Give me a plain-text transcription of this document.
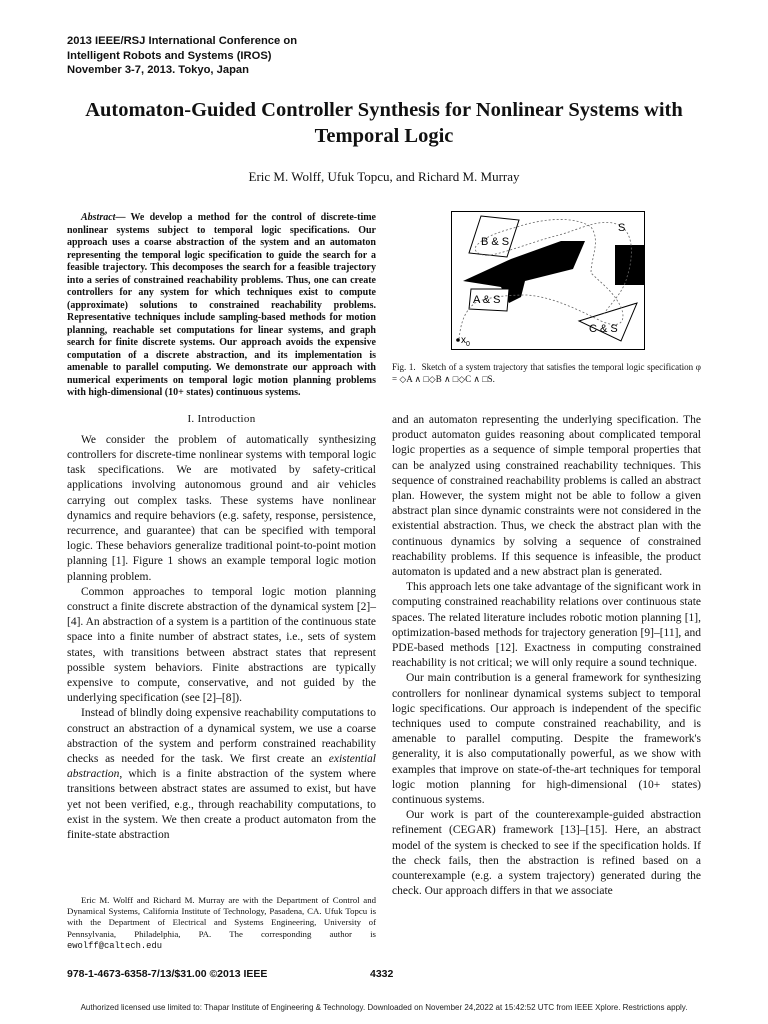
2013 IEEE/RSJ International Conference on
Intelligent Robots and Systems (IROS)
November 3-7, 2013. Tokyo, Japan
Automaton-Guided Controller Synthesis for Nonlinear Systems with Temporal Logic
Eric M. Wolff, Ufuk Topcu, and Richard M. Murray

Abstract— We develop a method for the control of discrete-time nonlinear systems subject to temporal logic specifications. Our approach uses a coarse abstraction of the system and an automaton representing the temporal logic specification to guide the search for a feasible trajectory. This decomposes the search for a feasible trajectory into a series of constrained reachability problems. Thus, one can create controllers for any system for which techniques exist to compute (approximate) solutions to constrained reachability problems. Representative techniques include sampling-based methods for motion planning, reachable set computations for linear systems, and graph search for finite discrete systems. Our approach avoids the expensive computation of a discrete abstraction, and its implementation is amenable to parallel computing. We demonstrate our approach with numerical experiments on temporal logic motion planning problems with high-dimensional (10+ states) continuous systems.

I. Introduction

We consider the problem of automatically synthesizing controllers for discrete-time nonlinear systems with temporal logic task specifications. We are motivated by safety-critical applications involving autonomous ground and air vehicles carrying out complex tasks. These systems have nonlinear dynamics and require behaviors (e.g. safety, response, persistence, recurrence, and guarantee) that can be specified with temporal logic. These behaviors generalize traditional point-to-point motion planning [1]. Figure 1 shows an example temporal logic motion planning problem.

Common approaches to temporal logic motion planning construct a finite discrete abstraction of the dynamical system [2]–[4]. An abstraction of a system is a partition of the continuous state space into a finite number of abstract states, i.e., sets of system states, with transitions between abstract states that represent possible system behaviors. Finite abstractions are typically expensive to compute, conservative, and not guided by the underlying specification (see [2]–[8]).

Instead of blindly doing expensive reachability computations to construct an abstraction of a dynamical system, we use a coarse abstraction of the system and perform constrained reachability checks as needed for the task. We first create an existential abstraction, which is a finite abstraction of the system where transitions between abstract states are assumed to exist, but have yet not been verified, e.g., through reachability computations, to exist in the system. We then create a product automaton from the finite-state abstraction

B & S
A & S
C & S
S
$x_0$
Fig. 1. Sketch of a system trajectory that satisfies the temporal logic specification φ = ◇A ∧ □◇B ∧ □◇C ∧ □S.

and an automaton representing the underlying specification. The product automaton guides reasoning about complicated temporal logic properties as a sequence of simple temporal properties that can be analyzed using constrained reachability techniques. This sequence of constrained reachability problems is called an abstract plan. However, the system might not be able to follow a given abstract plan since dynamic constraints were not considered in the existential abstraction. Thus, we check the abstract plan with the continuous dynamics by solving a sequence of constrained reachability problems. If this sequence is infeasible, the product automaton is updated and a new abstract plan is generated.

This approach lets one take advantage of the significant work in computing constrained reachability relations over continuous state spaces. The related literature includes robotic motion planning [1], optimization-based methods for trajectory generation [9]–[11], and PDE-based methods [12]. Exactness in computing constrained reachability is not critical; we will only require a sound technique.

Our main contribution is a general framework for synthesizing controllers for nonlinear dynamical systems subject to temporal logic specifications. Our approach is independent of the specific techniques used to compute constrained reachability, and is amenable to parallel computing. Despite the framework's generality, it is also computationally powerful, as we show with examples that improve on state-of-the-art techniques for temporal logic motion planning for high-dimensional (10+ states) continuous systems.

Our work is part of the counterexample-guided abstraction refinement (CEGAR) framework [13]–[15]. Here, an abstract model of the system is checked to see if the specification holds. If the check fails, then the abstraction is refined based on a counterexample (e.g. a system trajectory) generated during the check. Our approach differs in that we associate

Eric M. Wolff and Richard M. Murray are with the Department of Control and Dynamical Systems, California Institute of Technology, Pasadena, CA. Ufuk Topcu is with the Department of Electrical and Systems Engineering, University of Pennsylvania, Philadelphia, PA. The corresponding author is ewolff@caltech.edu

978-1-4673-6358-7/13/$31.00 ©2013 IEEE	4332
Authorized licensed use limited to: Thapar Institute of Engineering & Technology. Downloaded on November 24,2022 at 15:42:52 UTC from IEEE Xplore. Restrictions apply.
